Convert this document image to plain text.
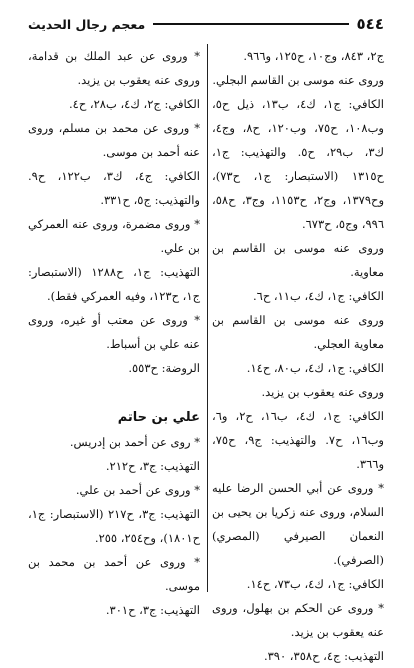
٥٤٤
معجم رجال الحديث

ج٢، ٨٤٣، وج١٠، ح١٢٥، و٩٦٦.

وروى عنه موسى بن القاسم البجلي.

الكافي: ج١، ك٤، ب١٣، ذيل ح٥، وب١٠٨، ح٧٥، وب١٢٠، ح٨، وج٤، ك٣، ب٢٩، ح٥. والتهذيب: ج١، ح١٣١٥ (الاستبصار: ج١، ح٧٣)، وح١٣٧٩، وج٢، ح١١٥٣، وج٣، ح٥٨، ٩٩٦، وج٥، ح٦٧٣.

وروى عنه موسى بن القاسم بن معاوية.

الكافي: ج١، ك٤، ب١١، ح٦.

وروى عنه موسى بن القاسم بن معاوية العجلي.

الكافي: ج١، ك٤، ب٨٠، ح١٤.

وروى عنه يعقوب بن يزيد.

الكافي: ج١، ك٤، ب١٦، ح٢، و٦، وب١٦، ح٧. والتهذيب: ج٩، ح٧٥، و٣٦٦.

* وروى عن أبي الحسن الرضا عليه السلام، وروى عنه زكريا بن يحيى بن النعمان الصيرفي (المصري) (الصرفي).

الكافي: ج١، ك٤، ب٧٣، ح١٤.

* وروى عن الحكم بن بهلول، وروى عنه يعقوب بن يزيد.

التهذيب: ج٤، ح٣٥٨، ٣٩٠.

* وروى عن عبد الملك بن قدامة، وروى عنه يعقوب بن يزيد.

الكافي: ج٢، ك٤، ب٢٨، ح٤.

* وروى عن محمد بن مسلم، وروى عنه أحمد بن موسى.

الكافي: ج٤، ك٣، ب١٢٢، ح٩. والتهذيب: ج٥، ح٣٣١.

* وروى مضمرة، وروى عنه العمركي بن علي.

التهذيب: ج١، ح١٢٨٨ (الاستبصار: ج١، ح١٢٣، وفيه العمركي فقط).

* وروى عن معتب أو غيره، وروى عنه علي بن أسباط.

الروضة: ح٥٥٣.

علي بن حاتم

* روى عن أحمد بن إدريس.

التهذيب: ج٣، ح٢١٢.

* وروى عن أحمد بن علي.

التهذيب: ج٣، ح٢١٧ (الاستبصار: ج١، ح١٨٠١)، وح٢٥٤، ٢٥٥.

* وروى عن أحمد بن محمد بن موسى.

التهذيب: ج٣، ح٣٠١.
